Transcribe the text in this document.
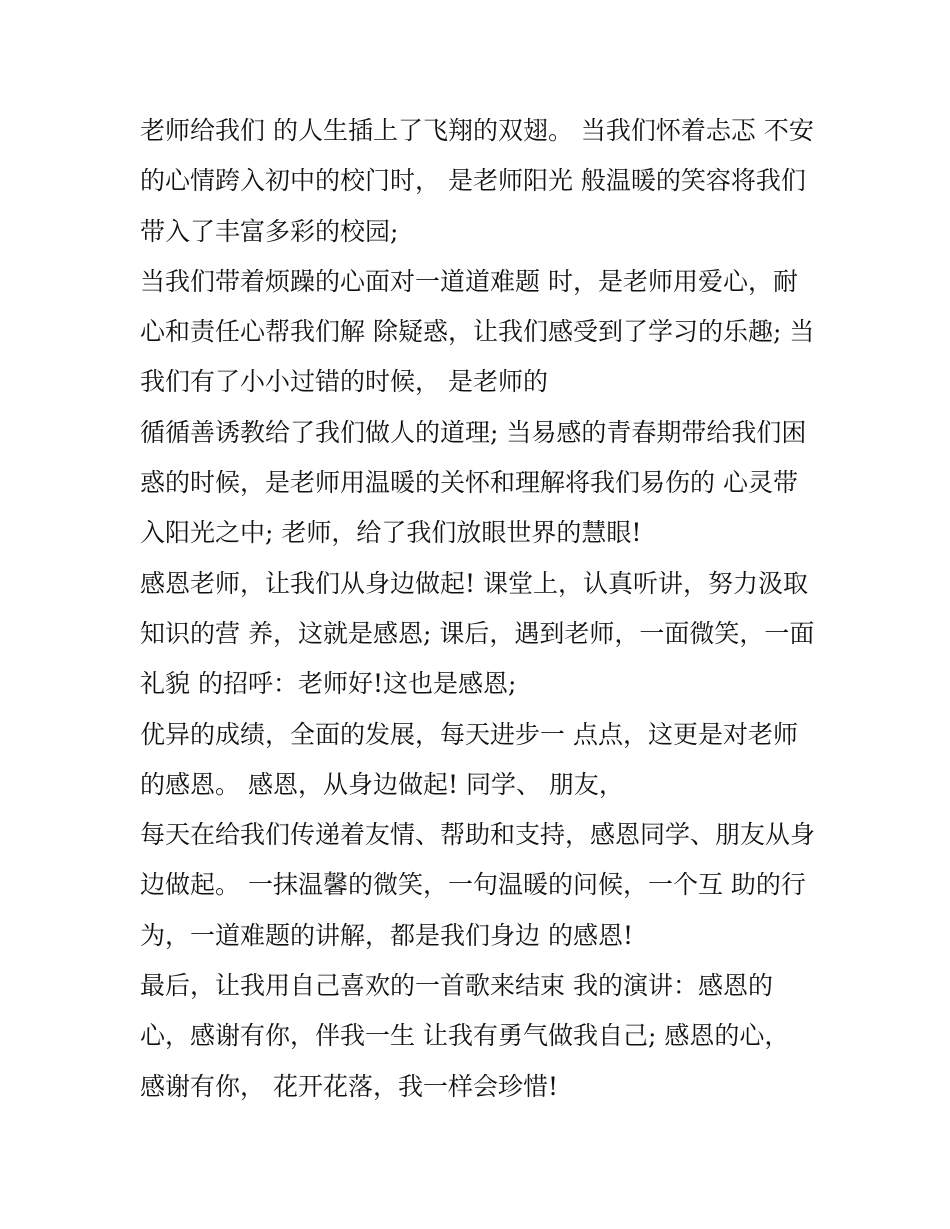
老师给我们 的人生插上了飞翔的双翅。 当我们怀着忐忑 不安
的心情跨入初中的校门时， 是老师阳光 般温暖的笑容将我们
带入了丰富多彩的校园;
当我们带着烦躁的心面对一道道难题 时，是老师用爱心，耐
心和责任心帮我们解 除疑惑，让我们感受到了学习的乐趣; 当
我们有了小小过错的时候， 是老师的
循循善诱教给了我们做人的道理; 当易感的青春期带给我们困
惑的时候，是老师用温暖的关怀和理解将我们易伤的 心灵带
入阳光之中; 老师，给了我们放眼世界的慧眼!
感恩老师，让我们从身边做起! 课堂上，认真听讲，努力汲取
知识的营 养，这就是感恩; 课后，遇到老师，一面微笑，一面
礼貌 的招呼：老师好!这也是感恩;
优异的成绩，全面的发展，每天进步一 点点，这更是对老师
的感恩。 感恩，从身边做起! 同学、 朋友，
每天在给我们传递着友情、帮助和支持，感恩同学、朋友从身
边做起。 一抹温馨的微笑，一句温暖的问候，一个互 助的行
为，一道难题的讲解，都是我们身边 的感恩!
最后，让我用自己喜欢的一首歌来结束 我的演讲：感恩的
心，感谢有你，伴我一生 让我有勇气做我自己; 感恩的心，
感谢有你， 花开花落，我一样会珍惜!
